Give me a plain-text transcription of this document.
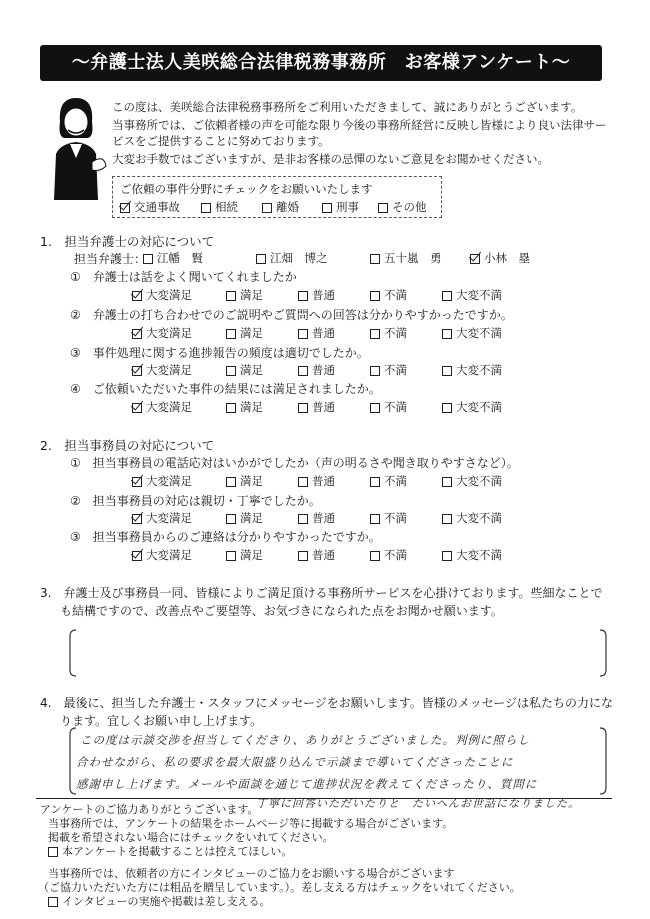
～弁護士法人美咲総合法律税務事務所　お客様アンケート～
この度は、美咲総合法律税務事務所をご利用いただきまして、誠にありがとうございます。
当事務所では、ご依頼者様の声を可能な限り今後の事務所経営に反映し皆様により良い法律サー
ビスをご提供することに努めております。
大変お手数ではございますが、是非お客様の忌憚のないご意見をお聞かせください。
ご依頼の事件分野にチェックをお願いいたします
交通事故	相続	離婚	刑事	その他
1.　担当弁護士の対応について
担当弁護士： 江幡　賢	江畑　博之	五十嵐　勇	小林　塁
①　 弁護士は話をよく聞いてくれましたか
②　 弁護士の打ち合わせでのご説明やご質問への回答は分かりやすかったですか。
③　 事件処理に関する進捗報告の頻度は適切でしたか。
④　 ご依頼いただいた事件の結果には満足されましたか。
大変満足	満足	普通	不満	大変不満
大変満足	満足	普通	不満	大変不満
大変満足	満足	普通	不満	大変不満
大変満足	満足	普通	不満	大変不満
2.　担当事務員の対応について
①　 担当事務員の電話応対はいかがでしたか（声の明るさや聞き取りやすさなど）。
②　 担当事務員の対応は親切・丁寧でしたか。
③　 担当事務員からのご連絡は分かりやすかったですか。
大変満足	満足	普通	不満	大変不満
大変満足	満足	普通	不満	大変不満
大変満足	満足	普通	不満	大変不満
3.　弁護士及び事務員一同、皆様によりご満足頂ける事務所サービスを心掛けております。些細なことで
も結構ですので、改善点やご要望等、お気づきになられた点をお聞かせ願います。
4.　最後に、担当した弁護士・スタッフにメッセージをお願いします。皆様のメッセージは私たちの力にな
ります。宜しくお願い申し上げます。
この度は示談交渉を担当してくださり、ありがとうございました。判例に照らし
合わせながら、私の要求を最大限盛り込んで示談まで導いてくださったことに
感謝申し上げます。メールや面談を通じて進捗状況を教えてくださったり、質問に
丁寧に回答いただいたりと　たいへんお世話になりました。
アンケートのご協力ありがとうございます。
当事務所では、アンケートの結果をホームページ等に掲載する場合がございます。
掲載を希望されない場合にはチェックをいれてください。
本アンケートを掲載することは控えてほしい。
当事務所では、依頼者の方にインタビューのご協力をお願いする場合がございます
（ご協力いただいた方には粗品を贈呈しています。）。差し支える方はチェックをいれてください。
インタビューの実施や掲載は差し支える。
